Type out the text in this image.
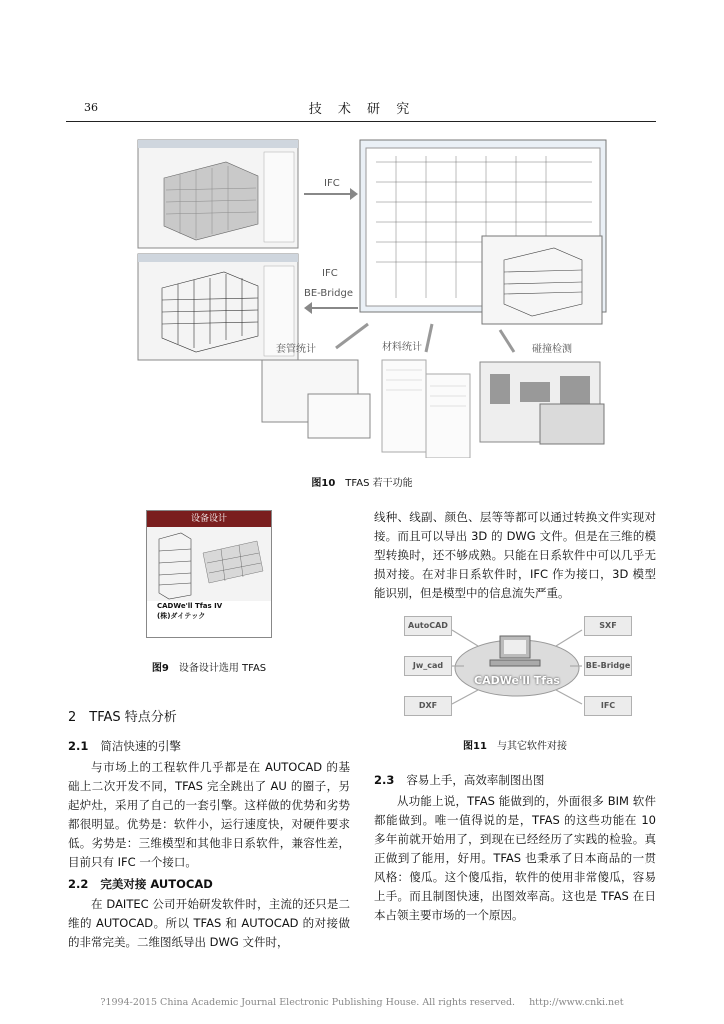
36	技 术 研 究
IFC
IFC
BE-Bridge
套管统计	材料统计	碰撞检测
图10 TFAS 若干功能
设备设计
CADWe'll Tfas IV
(株)ダイテック
图9 设备设计选用 TFAS

线种、线副、颜色、层等等都可以通过转换文件实现对接。而且可以导出 3D 的 DWG 文件。但是在三维的模型转换时，还不够成熟。只能在日系软件中可以几乎无损对接。在对非日系软件时，IFC 作为接口，3D 模型能识别，但是模型中的信息流失严重。

AutoCAD	SXF
Jw_cad	BE-Bridge
DXF	IFC
CADWe'll Tfas
图11 与其它软件对接
2　TFAS 特点分析
2.1 简洁快速的引擎

与市场上的工程软件几乎都是在 AUTOCAD 的基础上二次开发不同，TFAS 完全跳出了 AU 的圈子，另起炉灶，采用了自己的一套引擎。这样做的优势和劣势都很明显。优势是：软件小，运行速度快，对硬件要求低。劣势是：三维模型和其他非日系软件，兼容性差，目前只有 IFC 一个接口。

2.2 完美对接 AUTOCAD

在 DAITEC 公司开始研发软件时，主流的还只是二维的 AUTOCAD。所以 TFAS 和 AUTOCAD 的对接做的非常完美。二维图纸导出 DWG 文件时，

2.3 容易上手，高效率制图出图

从功能上说，TFAS 能做到的，外面很多 BIM 软件都能做到。唯一值得说的是，TFAS 的这些功能在 10 多年前就开始用了，到现在已经经历了实践的检验。真正做到了能用，好用。TFAS 也秉承了日本商品的一贯风格：傻瓜。这个傻瓜指，软件的使用非常傻瓜，容易上手。而且制图快速，出图效率高。这也是 TFAS 在日本占领主要市场的一个原因。

?1994-2015 China Academic Journal Electronic Publishing House. All rights reserved. http://www.cnki.net
